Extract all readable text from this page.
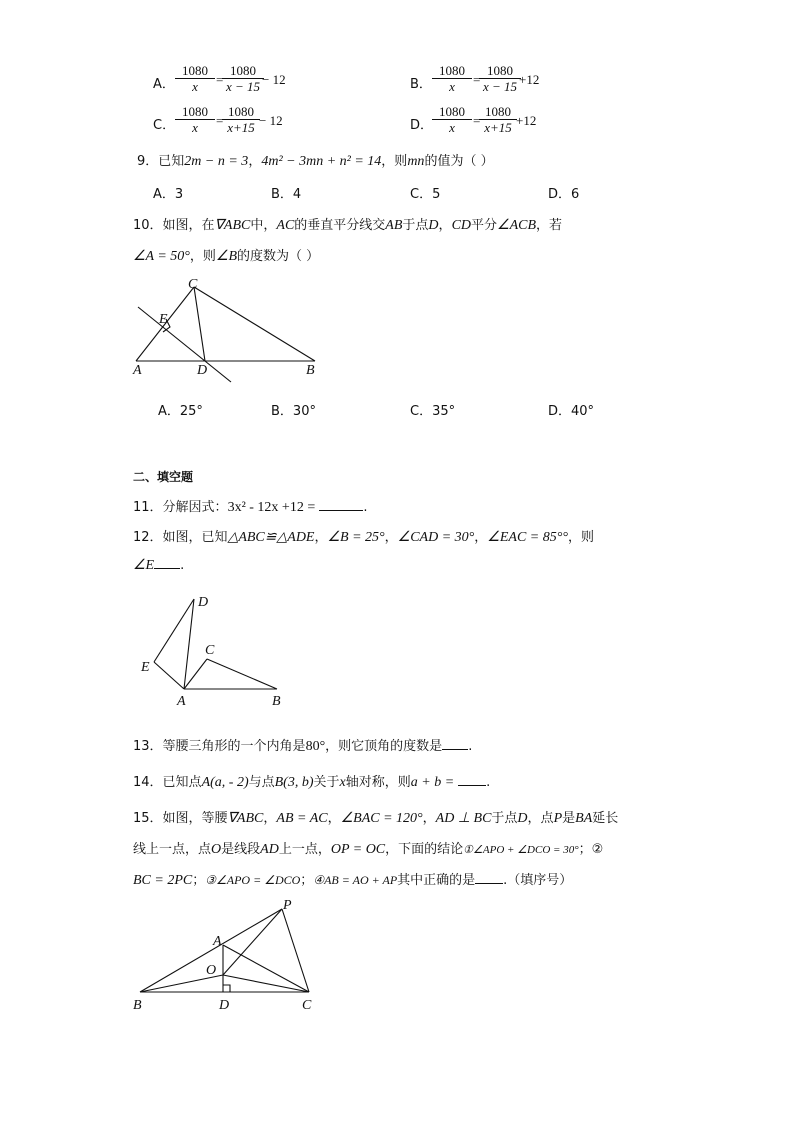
A． $\frac{1080}{x}$ =
$\frac{1080}{x - 15}$
− 12	B． $\frac{1080}{x}$ =
$\frac{1080}{x - 15}$
+12
C． $\frac{1080}{x}$ =
$\frac{1080}{x+15} - 12$	D．
$\frac{1080}{x}$ =
$\frac{1080}{x+15} +12$
9．已知2m − n = 3，4m² − 3mn + n² = 14，则mn的值为（ ）
A．3	B．4	C．5	D．6
10．如图，在∇ABC中，AC的垂直平分线交AB于点D，CD平分∠ACB，若
∠A = 50°，则∠B的度数为（ ）
C
E
A	D	B
A．25°	B．30°	C．35°	D．40°
二、填空题
11．分解因式：3x² - 12x +12 =	.
12．如图，已知△ABC≌△ADE，∠B = 25°，∠CAD = 30°，∠EAC = 85°°，则
∠E .
D
E
C
A	B
13．等腰三角形的一个内角是80°，则它顶角的度数是 .
14．已知点A(a, - 2)与点B(3, b)关于x轴对称，则a + b = .
15．如图，等腰∇ABC，AB = AC，∠BAC = 120°，AD ⊥ BC于点D，点P是BA延长
线上一点，点O是线段AD上一点，OP = OC，下面的结论①∠APO + ∠DCO = 30°；②
BC = 2PC；③∠APO = ∠DCO；④AB = AO + AP其中正确的是 .（填序号）
P
A
O
B	D	C
